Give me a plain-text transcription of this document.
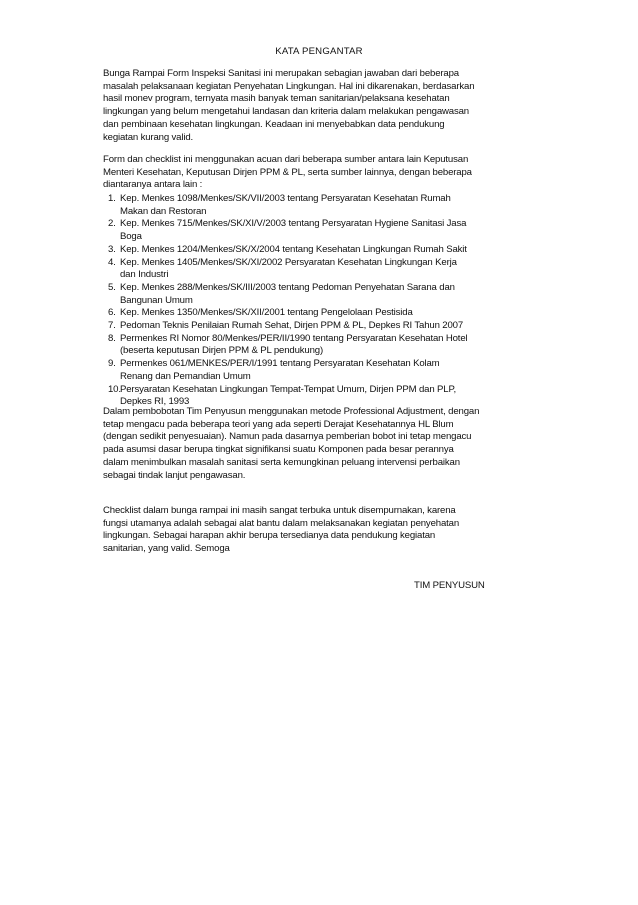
KATA PENGANTAR
Bunga Rampai Form Inspeksi Sanitasi ini merupakan sebagian jawaban dari beberapa
masalah pelaksanaan kegiatan Penyehatan Lingkungan. Hal ini dikarenakan, berdasarkan
hasil monev program, ternyata masih banyak teman sanitarian/pelaksana kesehatan
lingkungan yang belum mengetahui landasan dan kriteria dalam melakukan pengawasan
dan pembinaan kesehatan lingkungan. Keadaan ini menyebabkan data pendukung
kegiatan kurang valid.
Form dan checklist ini menggunakan acuan dari beberapa sumber antara lain Keputusan
Menteri Kesehatan, Keputusan Dirjen PPM & PL, serta sumber lainnya, dengan beberapa
diantaranya antara lain :
1. Kep. Menkes 1098/Menkes/SK/VII/2003 tentang Persyaratan Kesehatan Rumah
Makan dan Restoran
2. Kep. Menkes 715/Menkes/SK/XI/V/2003 tentang Persyaratan Hygiene Sanitasi Jasa
Boga
3. Kep. Menkes 1204/Menkes/SK/X/2004 tentang Kesehatan Lingkungan Rumah Sakit
4. Kep. Menkes 1405/Menkes/SK/XI/2002 Persyaratan Kesehatan Lingkungan Kerja
dan Industri
5. Kep. Menkes 288/Menkes/SK/III/2003 tentang Pedoman Penyehatan Sarana dan
Bangunan Umum
6. Kep. Menkes 1350/Menkes/SK/XII/2001 tentang Pengelolaan Pestisida
7. Pedoman Teknis Penilaian Rumah Sehat, Dirjen PPM & PL, Depkes RI Tahun 2007
8. Permenkes RI Nomor 80/Menkes/PER/II/1990 tentang Persyaratan Kesehatan Hotel
(beserta keputusan Dirjen PPM & PL pendukung)
9. Permenkes 061/MENKES/PER/I/1991 tentang Persyaratan Kesehatan Kolam
Renang dan Pemandian Umum
10. Persyaratan Kesehatan Lingkungan Tempat-Tempat Umum, Dirjen PPM dan PLP,
Depkes RI, 1993
Dalam pembobotan Tim Penyusun menggunakan metode Professional Adjustment, dengan
tetap mengacu pada beberapa teori yang ada seperti Derajat Kesehatannya HL Blum
(dengan sedikit penyesuaian). Namun pada dasarnya pemberian bobot ini tetap mengacu
pada asumsi dasar berupa tingkat signifikansi suatu Komponen pada besar perannya
dalam menimbulkan masalah sanitasi serta kemungkinan peluang intervensi perbaikan
sebagai tindak lanjut pengawasan.
Checklist dalam bunga rampai ini masih sangat terbuka untuk disempurnakan, karena
fungsi utamanya adalah sebagai alat bantu dalam melaksanakan kegiatan penyehatan
lingkungan. Sebagai harapan akhir berupa tersedianya data pendukung kegiatan
sanitarian, yang valid. Semoga
TIM PENYUSUN
